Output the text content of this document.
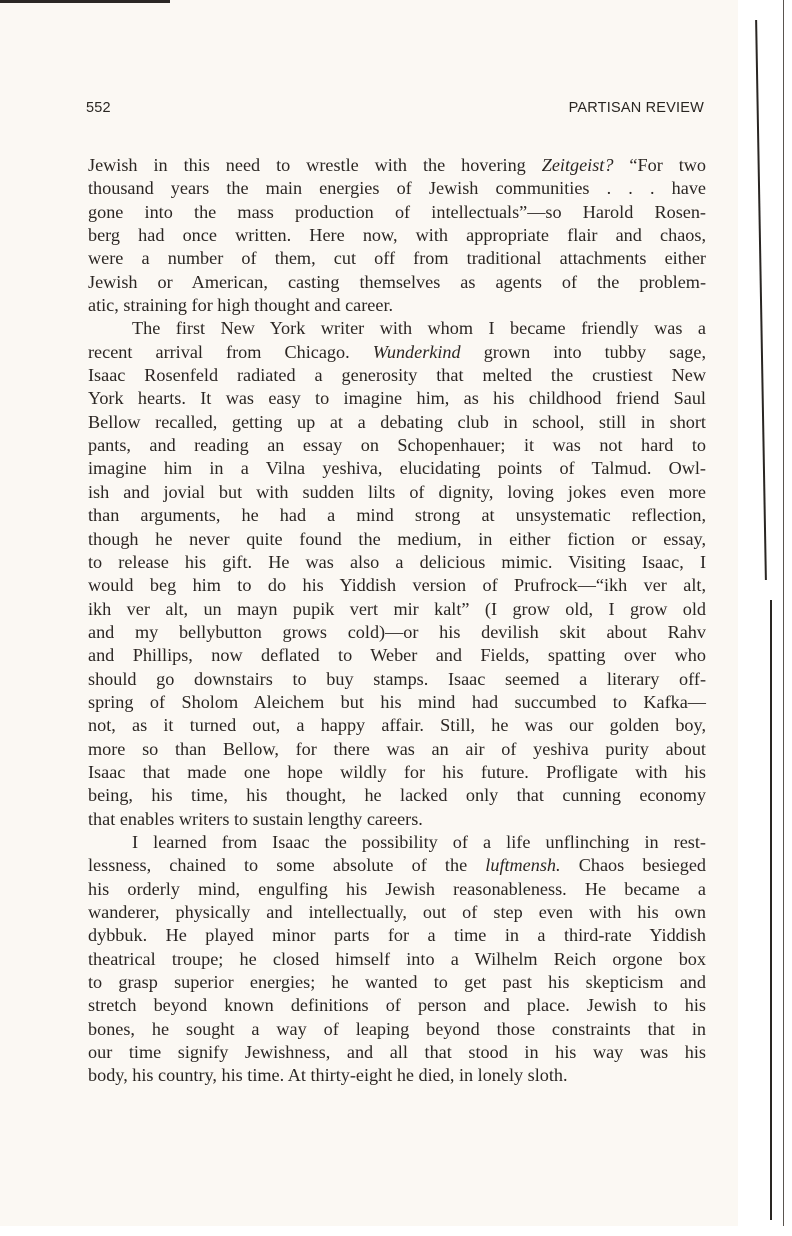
552	PARTISAN REVIEW
Jewish in this need to wrestle with the hovering Zeitgeist? “For two
thousand years the main energies of Jewish communities . . . have
gone into the mass production of intellectuals”—so Harold Rosen-
berg had once written. Here now, with appropriate flair and chaos,
were a number of them, cut off from traditional attachments either
Jewish or American, casting themselves as agents of the problem-
atic, straining for high thought and career.
The first New York writer with whom I became friendly was a
recent arrival from Chicago. Wunderkind grown into tubby sage,
Isaac Rosenfeld radiated a generosity that melted the crustiest New
York hearts. It was easy to imagine him, as his childhood friend Saul
Bellow recalled, getting up at a debating club in school, still in short
pants, and reading an essay on Schopenhauer; it was not hard to
imagine him in a Vilna yeshiva, elucidating points of Talmud. Owl-
ish and jovial but with sudden lilts of dignity, loving jokes even more
than arguments, he had a mind strong at unsystematic reflection,
though he never quite found the medium, in either fiction or essay,
to release his gift. He was also a delicious mimic. Visiting Isaac, I
would beg him to do his Yiddish version of Prufrock—“ikh ver alt,
ikh ver alt, un mayn pupik vert mir kalt” (I grow old, I grow old
and my bellybutton grows cold)—or his devilish skit about Rahv
and Phillips, now deflated to Weber and Fields, spatting over who
should go downstairs to buy stamps. Isaac seemed a literary off-
spring of Sholom Aleichem but his mind had succumbed to Kafka—
not, as it turned out, a happy affair. Still, he was our golden boy,
more so than Bellow, for there was an air of yeshiva purity about
Isaac that made one hope wildly for his future. Profligate with his
being, his time, his thought, he lacked only that cunning economy
that enables writers to sustain lengthy careers.
I learned from Isaac the possibility of a life unflinching in rest-
lessness, chained to some absolute of the luftmensh. Chaos besieged
his orderly mind, engulfing his Jewish reasonableness. He became a
wanderer, physically and intellectually, out of step even with his own
dybbuk. He played minor parts for a time in a third-rate Yiddish
theatrical troupe; he closed himself into a Wilhelm Reich orgone box
to grasp superior energies; he wanted to get past his skepticism and
stretch beyond known definitions of person and place. Jewish to his
bones, he sought a way of leaping beyond those constraints that in
our time signify Jewishness, and all that stood in his way was his
body, his country, his time. At thirty-eight he died, in lonely sloth.
